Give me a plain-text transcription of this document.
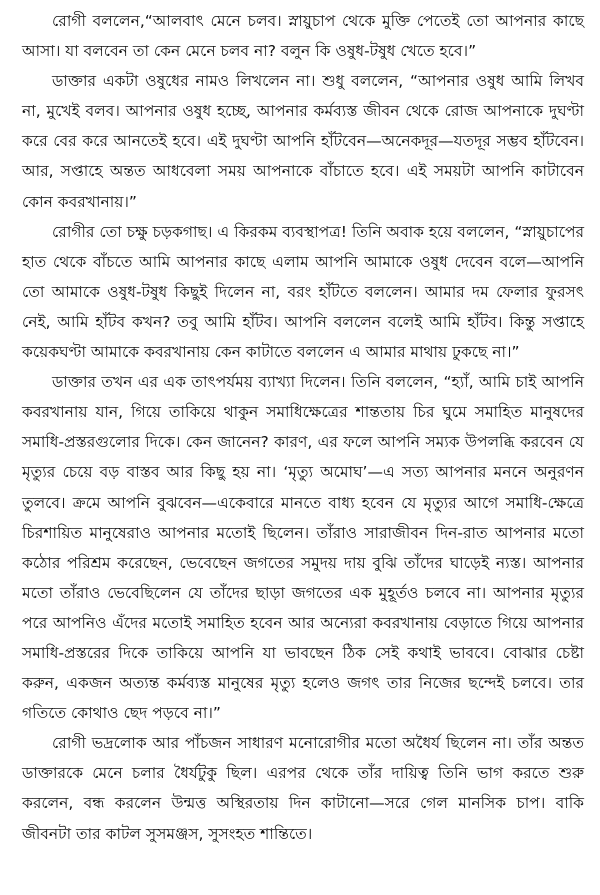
রোগী বললেন,“আলবাৎ মেনে চলব। স্নায়ুচাপ থেকে মুক্তি পেতেই তো আপনার কাছে আসা। যা বলবেন তা কেন মেনে চলব না? বলুন কি ওষুধ-টষুধ খেতে হবে।”

ডাক্তার একটা ওষুধের নামও লিখলেন না। শুধু বললেন, “আপনার ওষুধ আমি লিখব না, মুখেই বলব। আপনার ওষুধ হচ্ছে, আপনার কর্মব্যস্ত জীবন থেকে রোজ আপনাকে দুঘণ্টা করে বের করে আনতেই হবে। এই দুঘণ্টা আপনি হাঁটবেন—অনেকদূর—যতদূর সম্ভব হাঁটবেন। আর, সপ্তাহে অন্তত আধবেলা সময় আপনাকে বাঁচাতে হবে। এই সময়টা আপনি কাটাবেন কোন কবরখানায়।”

রোগীর তো চক্ষু চড়কগাছ। এ কিরকম ব্যবস্থাপত্র! তিনি অবাক হয়ে বললেন, “স্নায়ুচাপের হাত থেকে বাঁচতে আমি আপনার কাছে এলাম আপনি আমাকে ওষুধ দেবেন বলে—আপনি তো আমাকে ওষুধ-টষুধ কিছুই দিলেন না, বরং হাঁটতে বললেন। আমার দম ফেলার ফুরসৎ নেই, আমি হাঁটব কখন? তবু আমি হাঁটব। আপনি বললেন বলেই আমি হাঁটব। কিন্তু সপ্তাহে কয়েকঘণ্টা আমাকে কবরখানায় কেন কাটাতে বললেন এ আমার মাথায় ঢুকছে না।”

ডাক্তার তখন এর এক তাৎপর্যময় ব্যাখ্যা দিলেন। তিনি বললেন, “হ্যাঁ, আমি চাই আপনি কবরখানায় যান, গিয়ে তাকিয়ে থাকুন সমাধিক্ষেত্রের শান্ততায় চির ঘুমে সমাহিত মানুষদের সমাধি-প্রস্তরগুলোর দিকে। কেন জানেন? কারণ, এর ফলে আপনি সম্যক উপলব্ধি করবেন যে মৃত্যুর চেয়ে বড় বাস্তব আর কিছু হয় না। ‘মৃত্যু অমোঘ’—এ সত্য আপনার মননে অনুরণন তুলবে। ক্রমে আপনি বুঝবেন—একেবারে মানতে বাধ্য হবেন যে মৃত্যুর আগে সমাধি-ক্ষেত্রে চিরশায়িত মানুষেরাও আপনার মতোই ছিলেন। তাঁরাও সারাজীবন দিন-রাত আপনার মতো কঠোর পরিশ্রম করেছেন, ভেবেছেন জগতের সমুদয় দায় বুঝি তাঁদের ঘাড়েই ন্যস্ত। আপনার মতো তাঁরাও ভেবেছিলেন যে তাঁদের ছাড়া জগতের এক মুহূর্তও চলবে না। আপনার মৃত্যুর পরে আপনিও এঁদের মতোই সমাহিত হবেন আর অন্যেরা কবরখানায় বেড়াতে গিয়ে আপনার সমাধি-প্রস্তরের দিকে তাকিয়ে আপনি যা ভাবছেন ঠিক সেই কথাই ভাববে। বোঝার চেষ্টা করুন, একজন অত্যন্ত কর্মব্যস্ত মানুষের মৃত্যু হলেও জগৎ তার নিজের ছন্দেই চলবে। তার গতিতে কোথাও ছেদ পড়বে না।”

রোগী ভদ্রলোক আর পাঁচজন সাধারণ মনোরোগীর মতো অধৈর্য ছিলেন না। তাঁর অন্তত ডাক্তারকে মেনে চলার ধৈর্যটুকু ছিল। এরপর থেকে তাঁর দায়িত্ব তিনি ভাগ করতে শুরু করলেন, বন্ধ করলেন উন্মত্ত অস্থিরতায় দিন কাটানো—সরে গেল মানসিক চাপ। বাকি জীবনটা তার কাটল সুসমঞ্জস, সুসংহত শান্তিতে।
